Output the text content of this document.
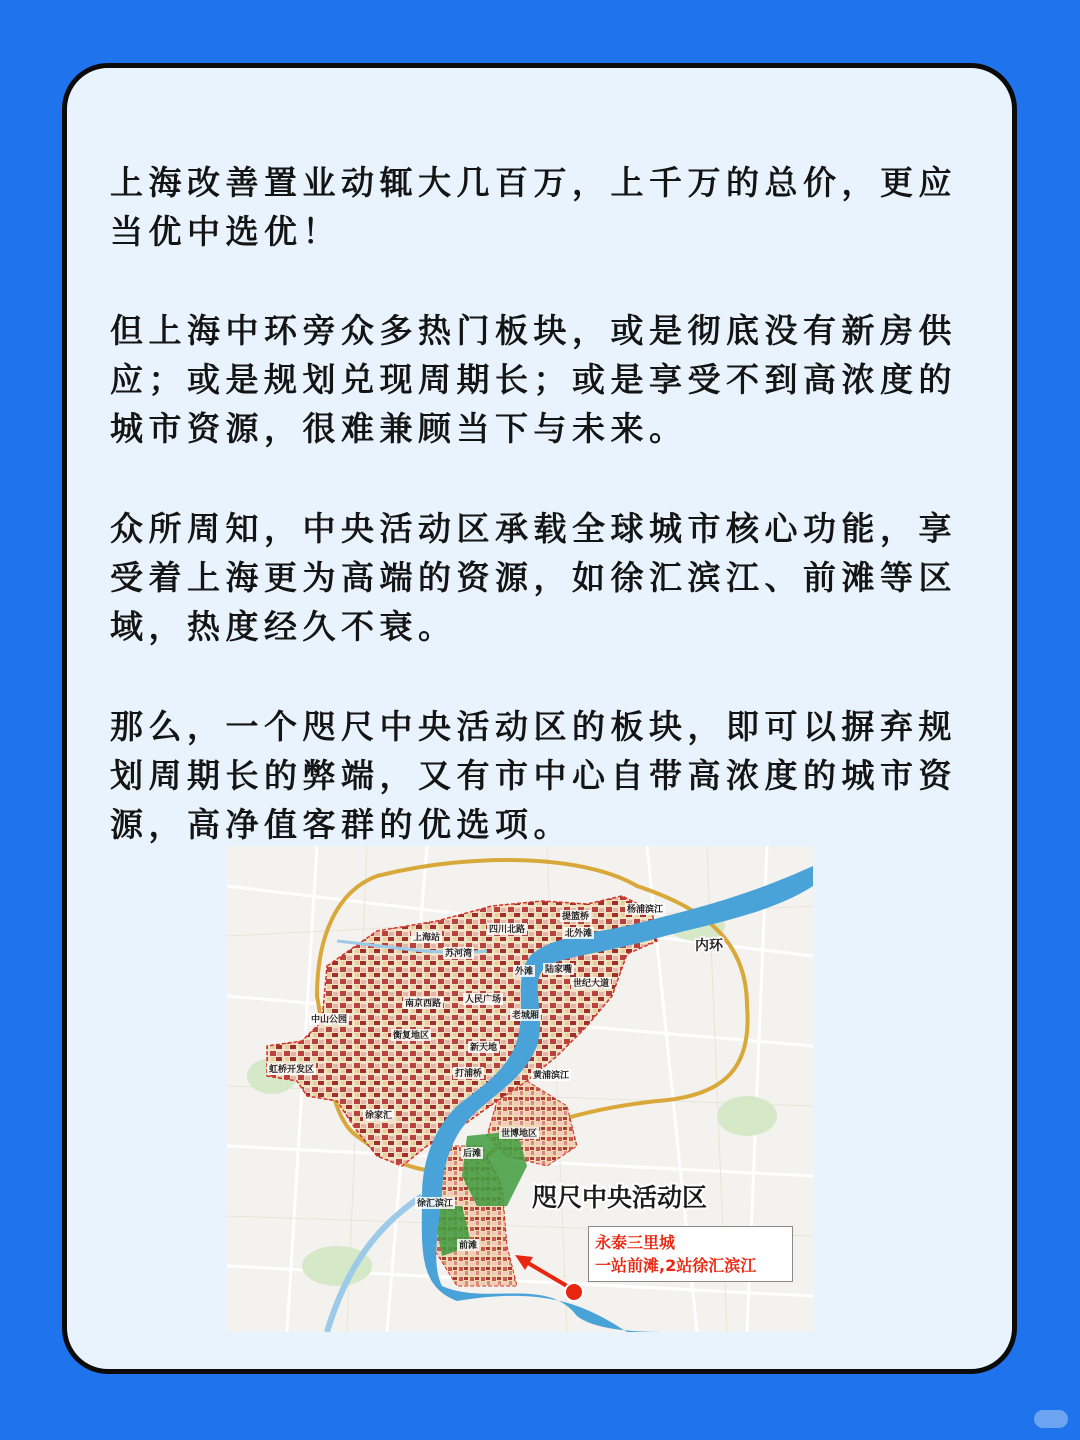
上海改善置业动辄大几百万，上千万的总价，更应当优中选优！

但上海中环旁众多热门板块，或是彻底没有新房供应；或是规划兑现周期长；或是享受不到高浓度的城市资源，很难兼顾当下与未来。

众所周知，中央活动区承载全球城市核心功能，享受着上海更为高端的资源，如徐汇滨江、前滩等区域，热度经久不衰。

那么，一个咫尺中央活动区的板块，即可以摒弃规划周期长的弊端，又有市中心自带高浓度的城市资源，高净值客群的优选项。

杨浦滨江
提篮桥
四川北路	北外滩
上海站
苏河湾
外滩 陆家嘴
世纪大道
南京西路	人民广场
中山公园	老城厢
衡复地区
新天地
虹桥开发区	打浦桥	黄浦滨江
徐家汇
世博地区
后滩
徐汇滨江
前滩
内环
咫尺中央活动区
永泰三里城
一站前滩,2站徐汇滨江
